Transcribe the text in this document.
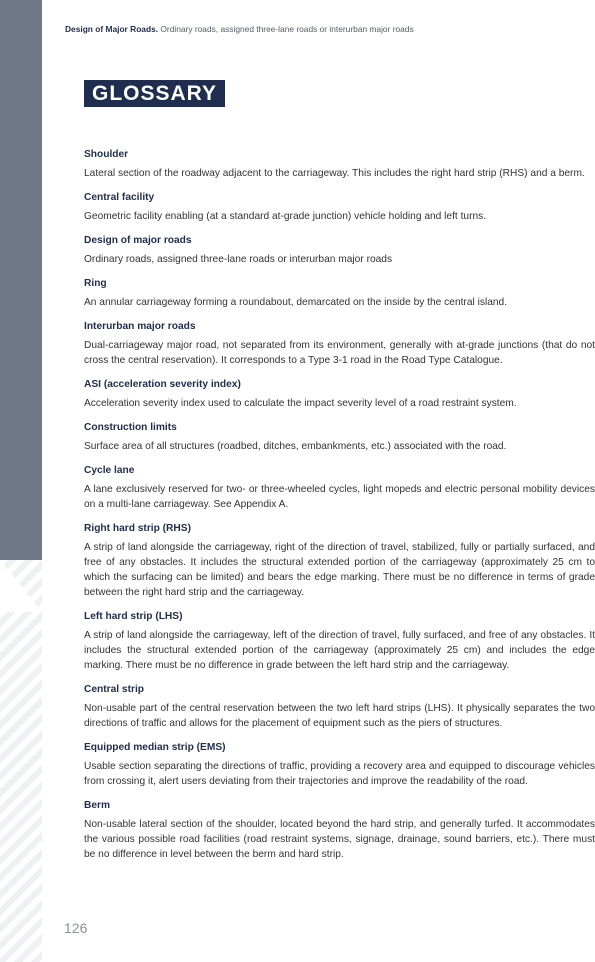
Design of Major Roads. Ordinary roads, assigned three-lane roads or interurban major roads
GLOSSARY
Shoulder
Lateral section of the roadway adjacent to the carriageway. This includes the right hard strip (RHS) and a berm.
Central facility
Geometric facility enabling (at a standard at-grade junction) vehicle holding and left turns.
Design of major roads
Ordinary roads, assigned three-lane roads or interurban major roads
Ring
An annular carriageway forming a roundabout, demarcated on the inside by the central island.
Interurban major roads
Dual-carriageway major road, not separated from its environment, generally with at-grade junctions (that do not cross the central reservation). It corresponds to a Type 3-1 road in the Road Type Catalogue.
ASI (acceleration severity index)
Acceleration severity index used to calculate the impact severity level of a road restraint system.
Construction limits
Surface area of all structures (roadbed, ditches, embankments, etc.) associated with the road.
Cycle lane
A lane exclusively reserved for two- or three-wheeled cycles, light mopeds and electric personal mobility devices on a multi-lane carriageway. See Appendix A.
Right hard strip (RHS)
A strip of land alongside the carriageway, right of the direction of travel, stabilized, fully or partially surfaced, and free of any obstacles. It includes the structural extended portion of the carriageway (approximately 25 cm to which the surfacing can be limited) and bears the edge marking. There must be no difference in terms of grade between the right hard strip and the carriageway.
Left hard strip (LHS)
A strip of land alongside the carriageway, left of the direction of travel, fully surfaced, and free of any obstacles. It includes the structural extended portion of the carriageway (approximately 25 cm) and includes the edge marking. There must be no difference in grade between the left hard strip and the carriageway.
Central strip
Non-usable part of the central reservation between the two left hard strips (LHS). It physically separates the two directions of traffic and allows for the placement of equipment such as the piers of structures.
Equipped median strip (EMS)
Usable section separating the directions of traffic, providing a recovery area and equipped to discourage vehicles from crossing it, alert users deviating from their trajectories and improve the readability of the road.
Berm
Non-usable lateral section of the shoulder, located beyond the hard strip, and generally turfed. It accommodates the various possible road facilities (road restraint systems, signage, drainage, sound barriers, etc.). There must be no difference in level between the berm and hard strip.
126
